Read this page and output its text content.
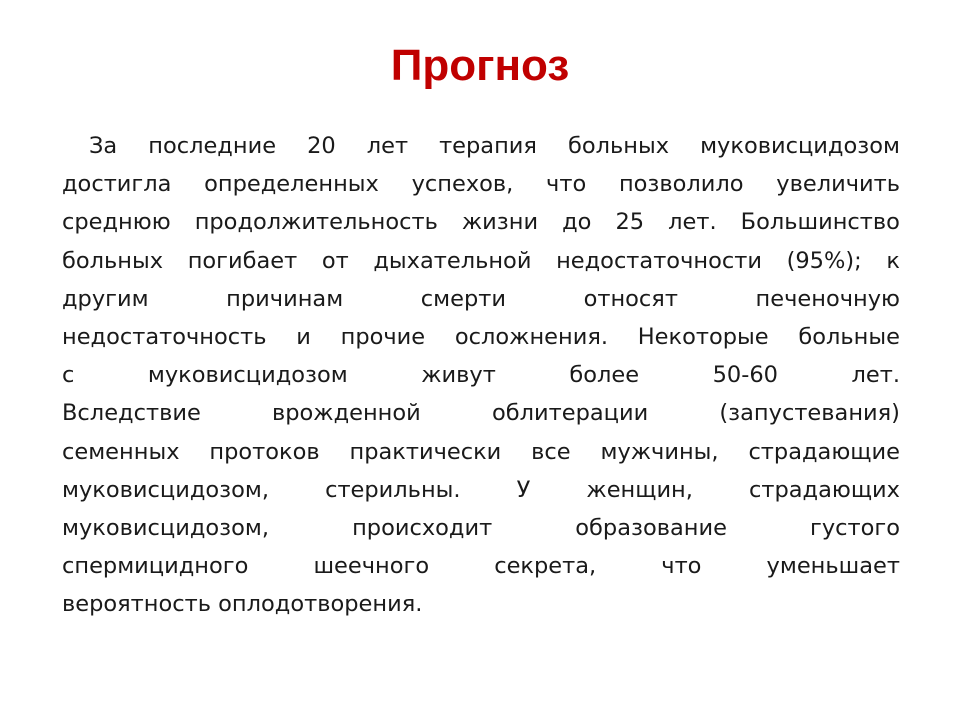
Прогноз
За последние 20 лет терапия больных муковисцидозом
достигла определенных успехов, что позволило увеличить
среднюю продолжительность жизни до 25 лет. Большинство
больных погибает от дыхательной недостаточности (95%); к
другим	причинам	смерти	относят	печеночную
недостаточность и прочие осложнения. Некоторые больные
с	муковисцидозом	живут	более	50-60	лет.
Вследствие	врожденной	облитерации	(запустевания)
семенных протоков практически все мужчины, страдающие
муковисцидозом, стерильны. У женщин, страдающих
муковисцидозом,	происходит	образование	густого
спермицидного	шеечного	секрета,	что	уменьшает
вероятность оплодотворения.
